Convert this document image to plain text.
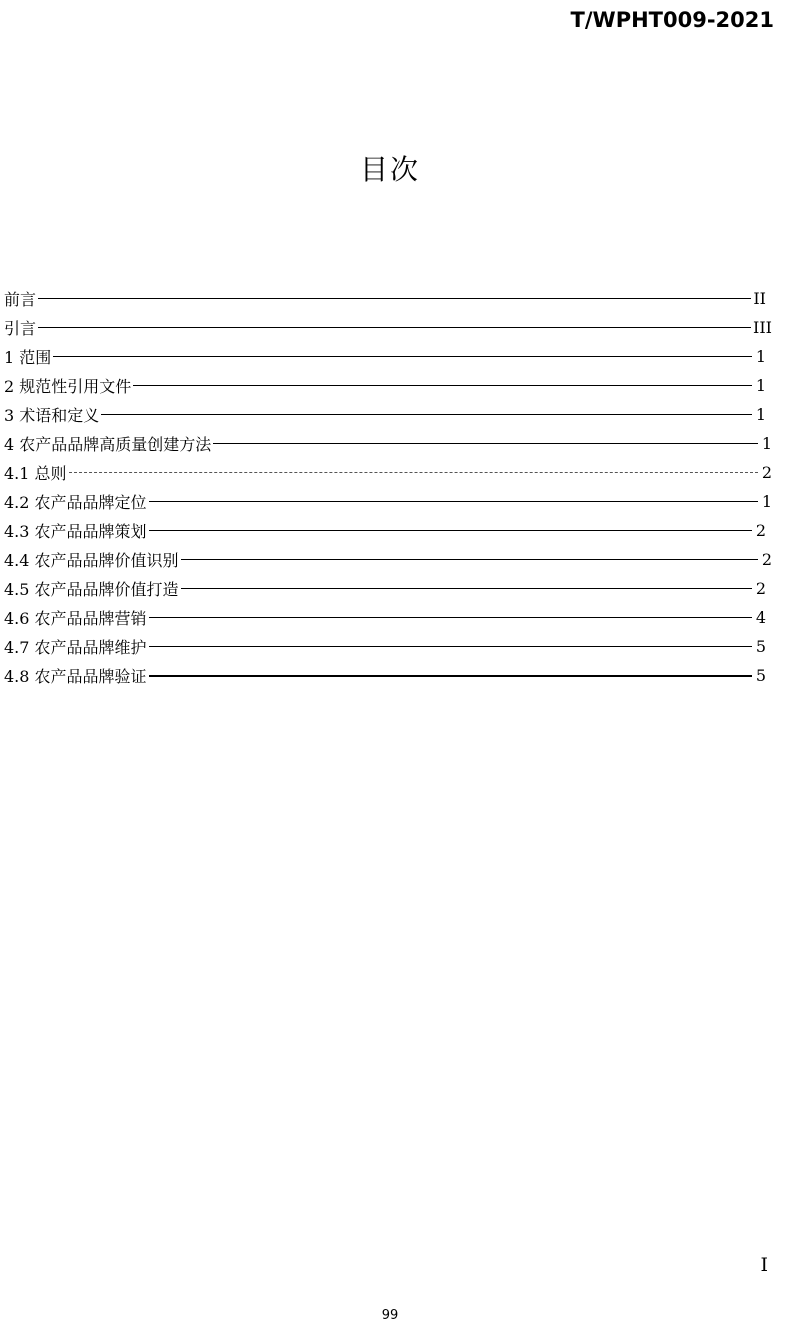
T/WPHT009-2021
目次
前言	II
引言	III
1 范围	1
2 规范性引用文件	1
3 术语和定义	1
4 农产品品牌高质量创建方法	1
4.1 总则	2
4.2 农产品品牌定位	1
4.3 农产品品牌策划	2
4.4 农产品品牌价值识别	2
4.5 农产品品牌价值打造	2
4.6 农产品品牌营销	4
4.7 农产品品牌维护	5
4.8 农产品品牌验证	5
I
99
